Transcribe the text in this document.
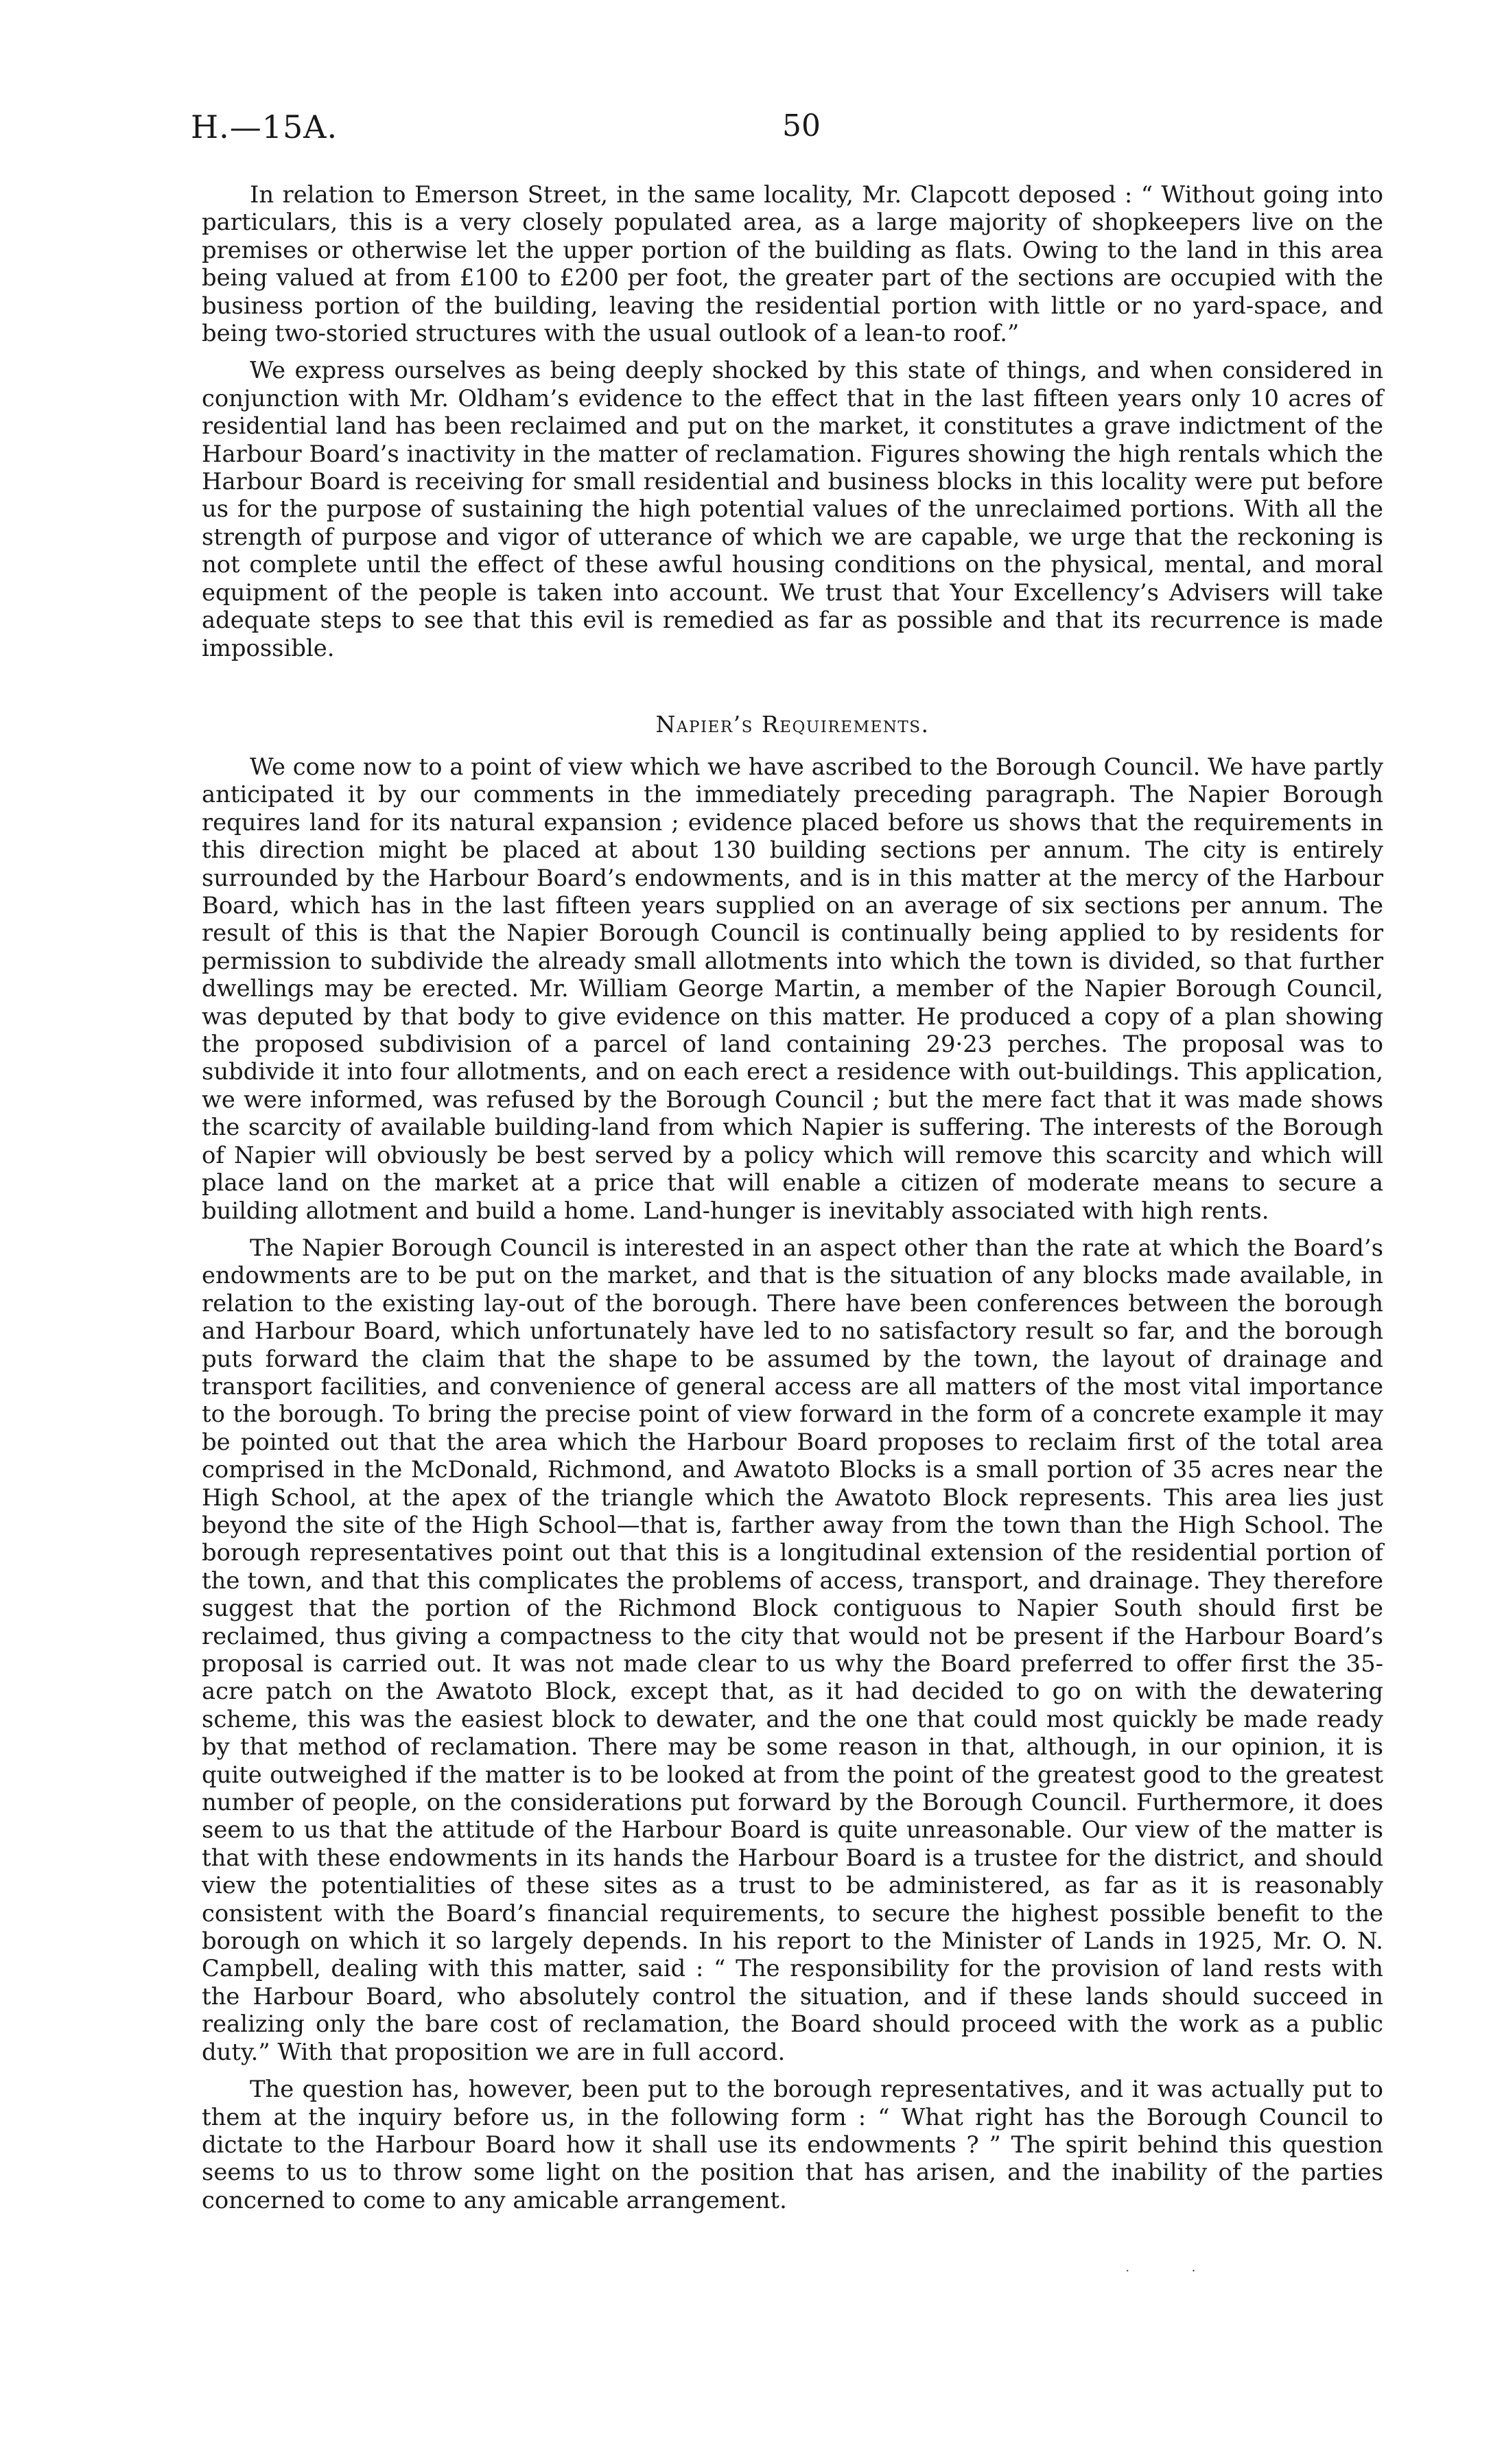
H.—15A.	50

In relation to Emerson Street, in the same locality, Mr. Clapcott deposed : “ Without going into particulars, this is a very closely populated area, as a large majority of shopkeepers live on the premises or otherwise let the upper portion of the building as flats. Owing to the land in this area being valued at from £100 to £200 per foot, the greater part of the sections are occupied with the business portion of the building, leaving the residential portion with little or no yard-space, and being two-storied structures with the usual outlook of a lean-to roof.”

We express ourselves as being deeply shocked by this state of things, and when considered in conjunction with Mr. Oldham’s evidence to the effect that in the last fifteen years only 10 acres of residential land has been reclaimed and put on the market, it constitutes a grave indictment of the Harbour Board’s inactivity in the matter of reclamation. Figures showing the high rentals which the Harbour Board is receiving for small residential and business blocks in this locality were put before us for the purpose of sustaining the high potential values of the unreclaimed portions. With all the strength of purpose and vigor of utterance of which we are capable, we urge that the reckoning is not complete until the effect of these awful housing conditions on the physical, mental, and moral equipment of the people is taken into account. We trust that Your Excellency’s Advisers will take adequate steps to see that this evil is remedied as far as possible and that its recurrence is made impossible.

Napier’s Requirements.

We come now to a point of view which we have ascribed to the Borough Council. We have partly anticipated it by our comments in the immediately preceding paragraph. The Napier Borough requires land for its natural expansion ; evidence placed before us shows that the requirements in this direction might be placed at about 130 building sections per annum. The city is entirely surrounded by the Harbour Board’s endowments, and is in this matter at the mercy of the Harbour Board, which has in the last fifteen years supplied on an average of six sections per annum. The result of this is that the Napier Borough Council is continually being applied to by residents for permission to subdivide the already small allotments into which the town is divided, so that further dwellings may be erected. Mr. William George Martin, a member of the Napier Borough Council, was deputed by that body to give evidence on this matter. He produced a copy of a plan showing the proposed subdivision of a parcel of land containing 29·23 perches. The proposal was to subdivide it into four allotments, and on each erect a residence with out-buildings. This application, we were informed, was refused by the Borough Council ; but the mere fact that it was made shows the scarcity of available building-land from which Napier is suffering. The interests of the Borough of Napier will obviously be best served by a policy which will remove this scarcity and which will place land on the market at a price that will enable a citizen of moderate means to secure a building allotment and build a home. Land-hunger is inevitably associated with high rents.

The Napier Borough Council is interested in an aspect other than the rate at which the Board’s endowments are to be put on the market, and that is the situation of any blocks made available, in relation to the existing lay-out of the borough. There have been conferences between the borough and Harbour Board, which unfortunately have led to no satisfactory result so far, and the borough puts forward the claim that the shape to be assumed by the town, the layout of drainage and transport facilities, and convenience of general access are all matters of the most vital importance to the borough. To bring the precise point of view forward in the form of a concrete example it may be pointed out that the area which the Harbour Board proposes to reclaim first of the total area comprised in the McDonald, Richmond, and Awatoto Blocks is a small portion of 35 acres near the High School, at the apex of the triangle which the Awatoto Block represents. This area lies just beyond the site of the High School—that is, farther away from the town than the High School. The borough representatives point out that this is a longitudinal extension of the residential portion of the town, and that this complicates the problems of access, transport, and drainage. They therefore suggest that the portion of the Richmond Block contiguous to Napier South should first be reclaimed, thus giving a compactness to the city that would not be present if the Harbour Board’s proposal is carried out. It was not made clear to us why the Board preferred to offer first the 35-acre patch on the Awatoto Block, except that, as it had decided to go on with the dewatering scheme, this was the easiest block to dewater, and the one that could most quickly be made ready by that method of reclamation. There may be some reason in that, although, in our opinion, it is quite outweighed if the matter is to be looked at from the point of the greatest good to the greatest number of people, on the considerations put forward by the Borough Council. Furthermore, it does seem to us that the attitude of the Harbour Board is quite unreasonable. Our view of the matter is that with these endowments in its hands the Harbour Board is a trustee for the district, and should view the potentialities of these sites as a trust to be administered, as far as it is reasonably consistent with the Board’s financial requirements, to secure the highest possible benefit to the borough on which it so largely depends. In his report to the Minister of Lands in 1925, Mr. O. N. Campbell, dealing with this matter, said : “ The responsibility for the provision of land rests with the Harbour Board, who absolutely control the situation, and if these lands should succeed in realizing only the bare cost of reclamation, the Board should proceed with the work as a public duty.” With that proposition we are in full accord.

The question has, however, been put to the borough representatives, and it was actually put to them at the inquiry before us, in the following form : “ What right has the Borough Council to dictate to the Harbour Board how it shall use its endowments ? ” The spirit behind this question seems to us to throw some light on the position that has arisen, and the inability of the parties concerned to come to any amicable arrangement.

·​·​
